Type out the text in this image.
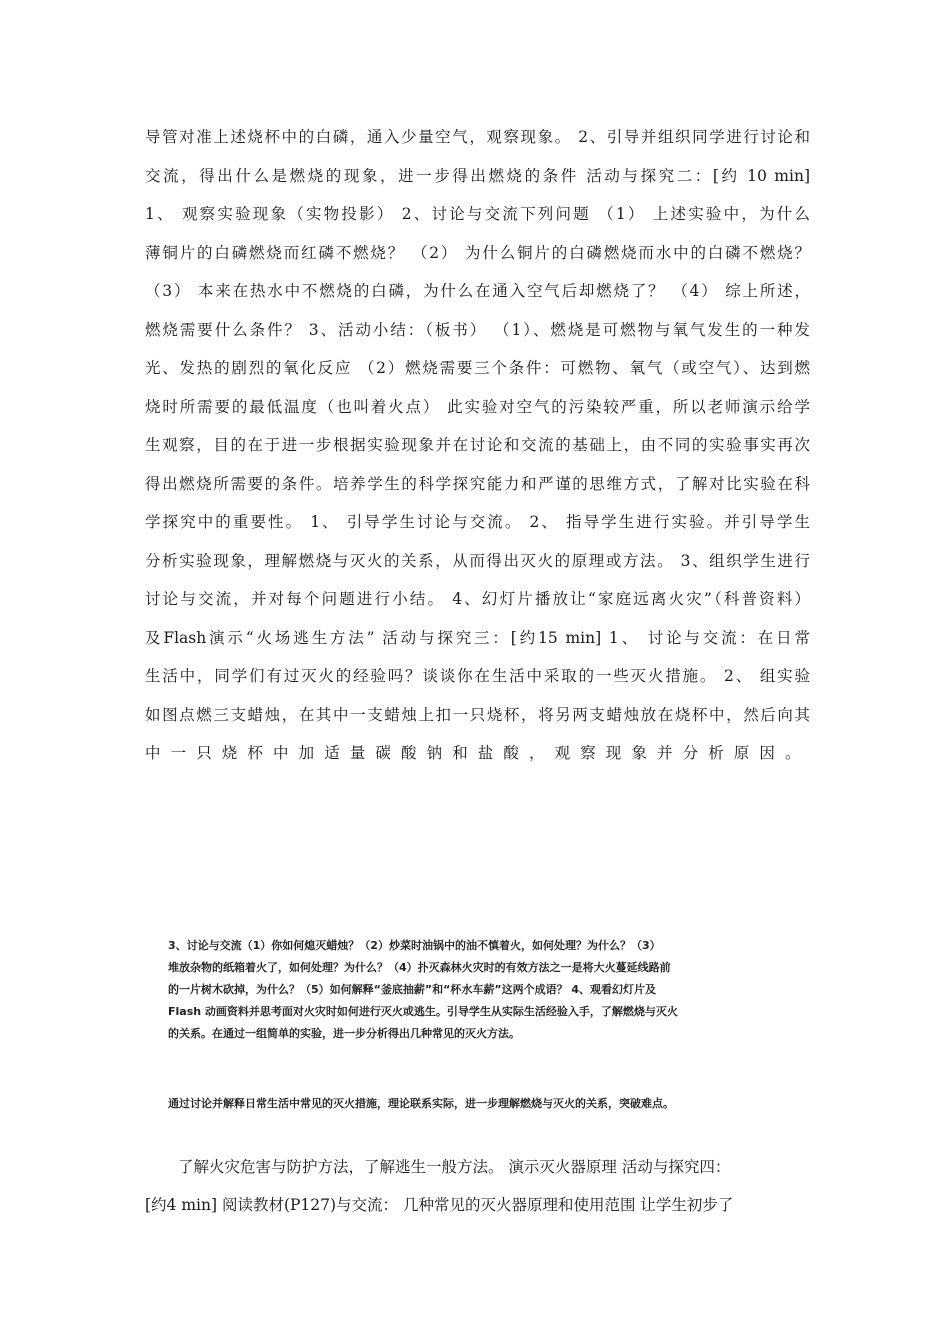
导管对准上述烧杯中的白磷，通入少量空气，观察现象。 2、引导并组织同学进行讨论和
交流，得出什么是燃烧的现象，进一步得出燃烧的条件 活动与探究二：[约 10 min]
1、 观察实验现象（实物投影） 2、讨论与交流下列问题 （1） 上述实验中，为什么
薄铜片的白磷燃烧而红磷不燃烧？ （2） 为什么铜片的白磷燃烧而水中的白磷不燃烧？
（3） 本来在热水中不燃烧的白磷，为什么在通入空气后却燃烧了？ （4） 综上所述，
燃烧需要什么条件？ 3、活动小结：（板书） （1）、燃烧是可燃物与氧气发生的一种发
光、发热的剧烈的氧化反应 （2）燃烧需要三个条件：可燃物、氧气（或空气）、达到燃
烧时所需要的最低温度（也叫着火点） 此实验对空气的污染较严重，所以老师演示给学
生观察，目的在于进一步根据实验现象并在讨论和交流的基础上，由不同的实验事实再次
得出燃烧所需要的条件。培养学生的科学探究能力和严谨的思维方式，了解对比实验在科
学探究中的重要性。 1、 引导学生讨论与交流。 2、 指导学生进行实验。并引导学生
分析实验现象，理解燃烧与灭火的关系，从而得出灭火的原理或方法。 3、组织学生进行
讨论与交流，并对每个问题进行小结。 4、幻灯片播放让“家庭远离火灾”（科普资料）
及Flash演示“火场逃生方法” 活动与探究三：[约15 min] 1、 讨论与交流：在日常
生活中，同学们有过灭火的经验吗？谈谈你在生活中采取的一些灭火措施。 2、 组实验
如图点燃三支蜡烛，在其中一支蜡烛上扣一只烧杯，将另两支蜡烛放在烧杯中，然后向其
中一只烧杯中加适量碳酸钠和盐酸，观察现象并分析原因。
3、讨论与交流（1）你如何熄灭蜡烛？（2）炒菜时油锅中的油不慎着火，如何处理？为什么？（3）
堆放杂物的纸箱着火了，如何处理？为什么？（4）扑灭森林火灾时的有效方法之一是将大火蔓延线路前
的一片树木砍掉，为什么？（5）如何解释“釜底抽薪”和“杯水车薪”这两个成语？ 4、观看幻灯片及
Flash 动画资料并思考面对火灾时如何进行灭火或逃生。引导学生从实际生活经验入手，了解燃烧与灭火
的关系。在通过一组简单的实验，进一步分析得出几种常见的灭火方法。
通过讨论并解释日常生活中常见的灭火措施，理论联系实际，进一步理解燃烧与灭火的关系，突破难点。
了解火灾危害与防护方法，了解逃生一般方法。 演示灭火器原理 活动与探究四：
[约4 min] 阅读教材(P127)与交流： 几种常见的灭火器原理和使用范围 让学生初步了
